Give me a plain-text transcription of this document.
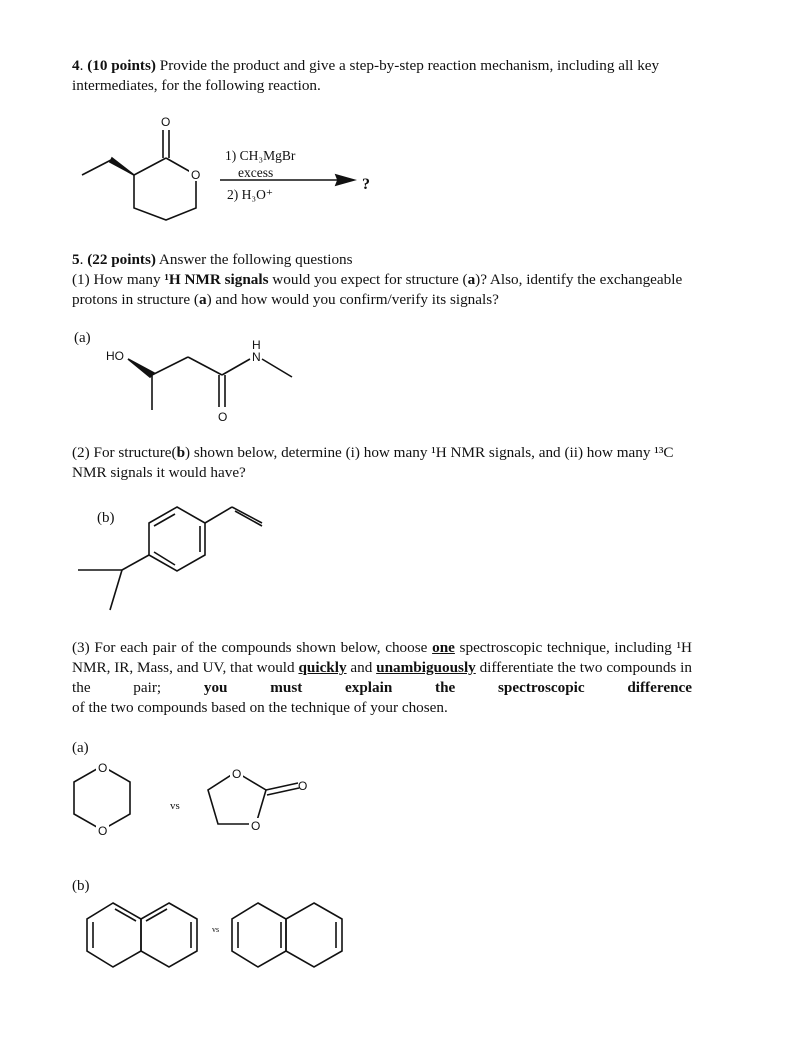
4. (10 points) Provide the product and give a step-by-step reaction mechanism, including all key intermediates, for the following reaction.
O
O
1) CH₃MgBr
excess
2) H₃O⁺
?
5. (22 points) Answer the following questions
(1) How many ¹H NMR signals would you expect for structure (a)? Also, identify the exchangeable protons in structure (a) and how would you confirm/verify its signals?
(a)
HO
H
N
O
(2) For structure(b) shown below, determine (i) how many ¹H NMR signals, and (ii) how many ¹³C NMR signals it would have?
(b)
(3) For each pair of the compounds shown below, choose one spectroscopic technique, including ¹H NMR, IR, Mass, and UV, that would quickly and unambiguously differentiate the two compounds in the pair; you must explain the spectroscopic difference
of the two compounds based on the technique of your chosen.
(a)
O
O
vs
O
O
O
(b)
vs
